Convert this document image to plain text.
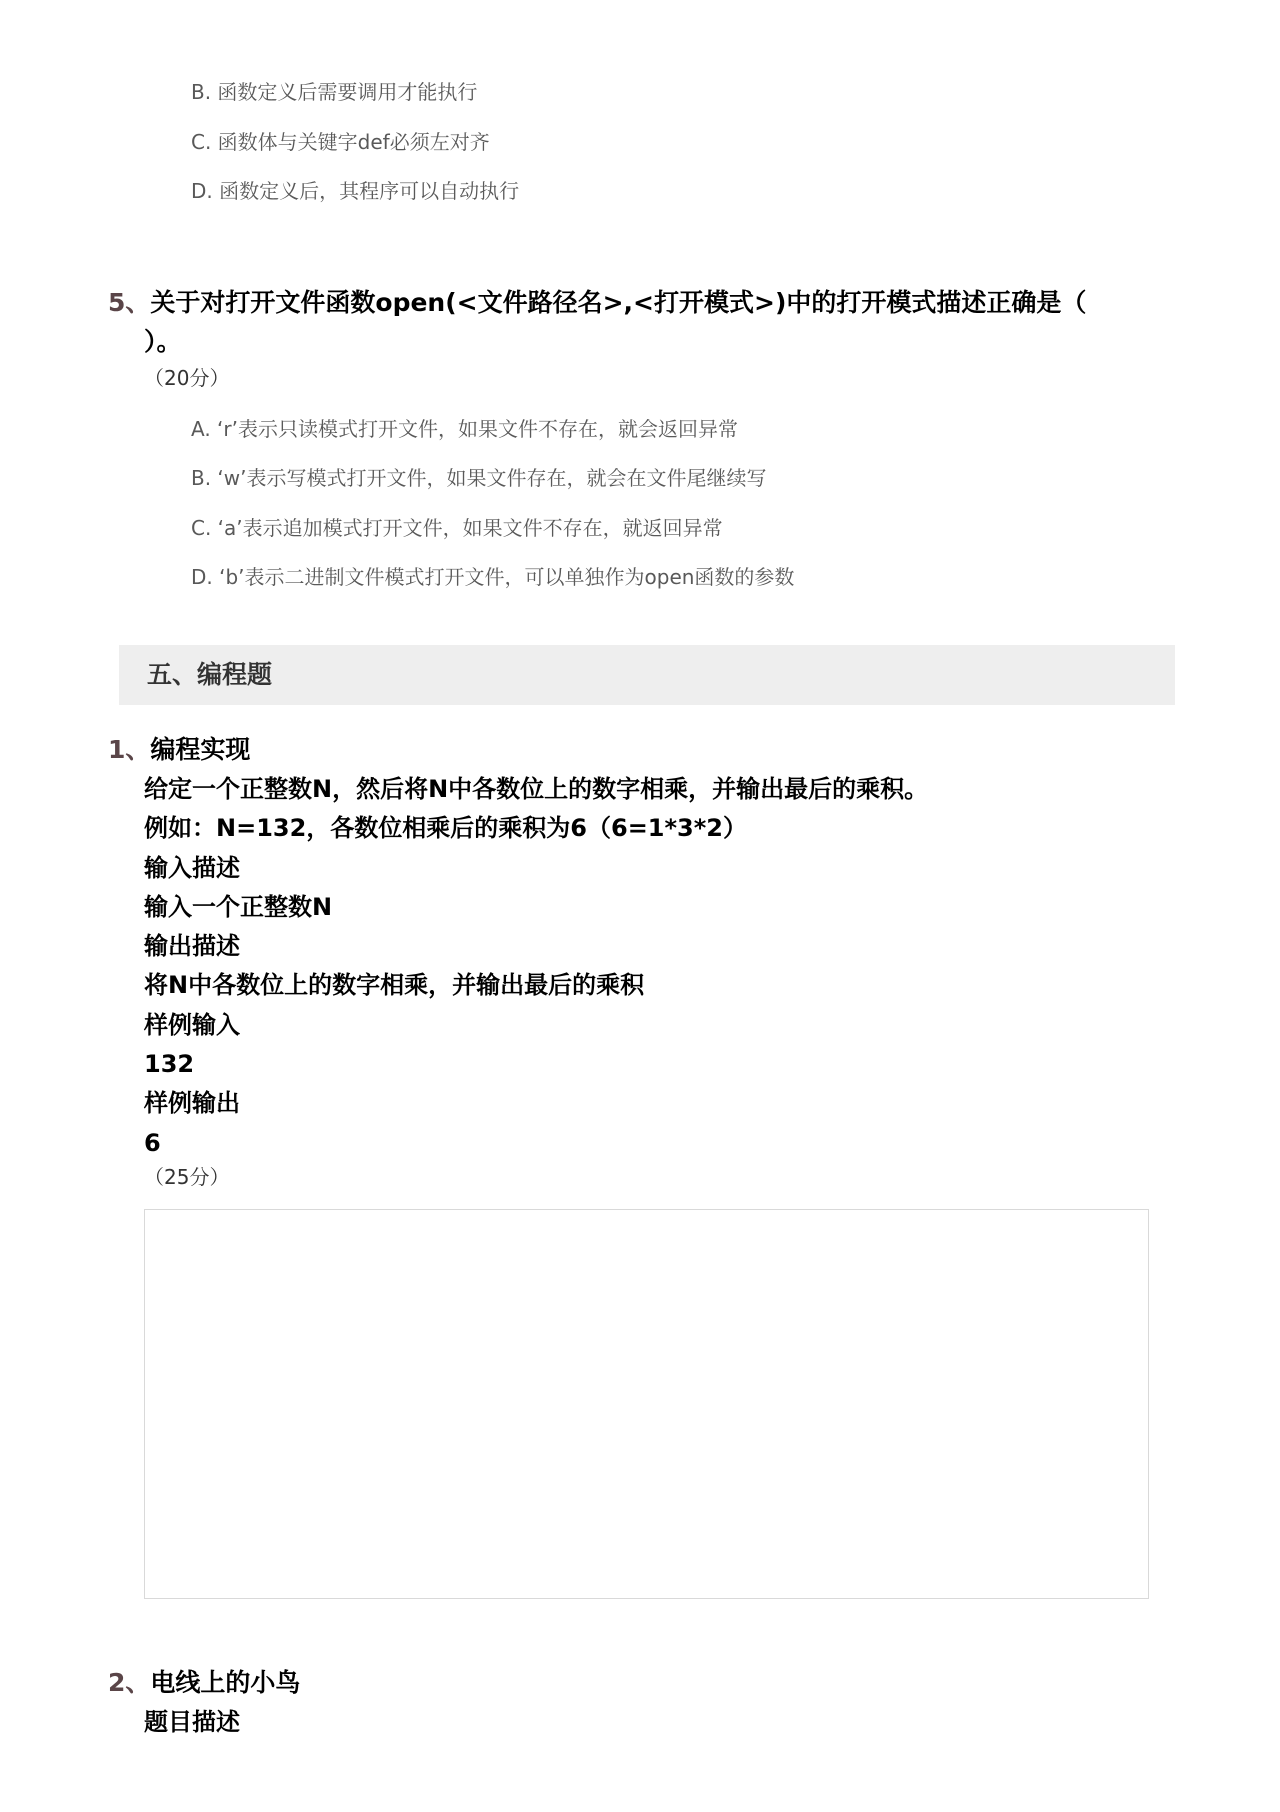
B. 函数定义后需要调用才能执行
C. 函数体与关键字def必须左对齐
D. 函数定义后，其程序可以自动执行
5、关于对打开文件函数open(<文件路径名>,<打开模式>)中的打开模式描述正确是（
）。
（20分）
A. ‘r’表示只读模式打开文件，如果文件不存在，就会返回异常
B. ‘w’表示写模式打开文件，如果文件存在，就会在文件尾继续写
C. ‘a’表示追加模式打开文件，如果文件不存在，就返回异常
D. ‘b’表示二进制文件模式打开文件，可以单独作为open函数的参数
五、编程题
1、编程实现
给定一个正整数N，然后将N中各数位上的数字相乘，并输出最后的乘积。
例如：N=132，各数位相乘后的乘积为6（6=1*3*2）
输入描述
输入一个正整数N
输出描述
将N中各数位上的数字相乘，并输出最后的乘积
样例输入
132
样例输出
6
（25分）
2、电线上的小鸟
题目描述
